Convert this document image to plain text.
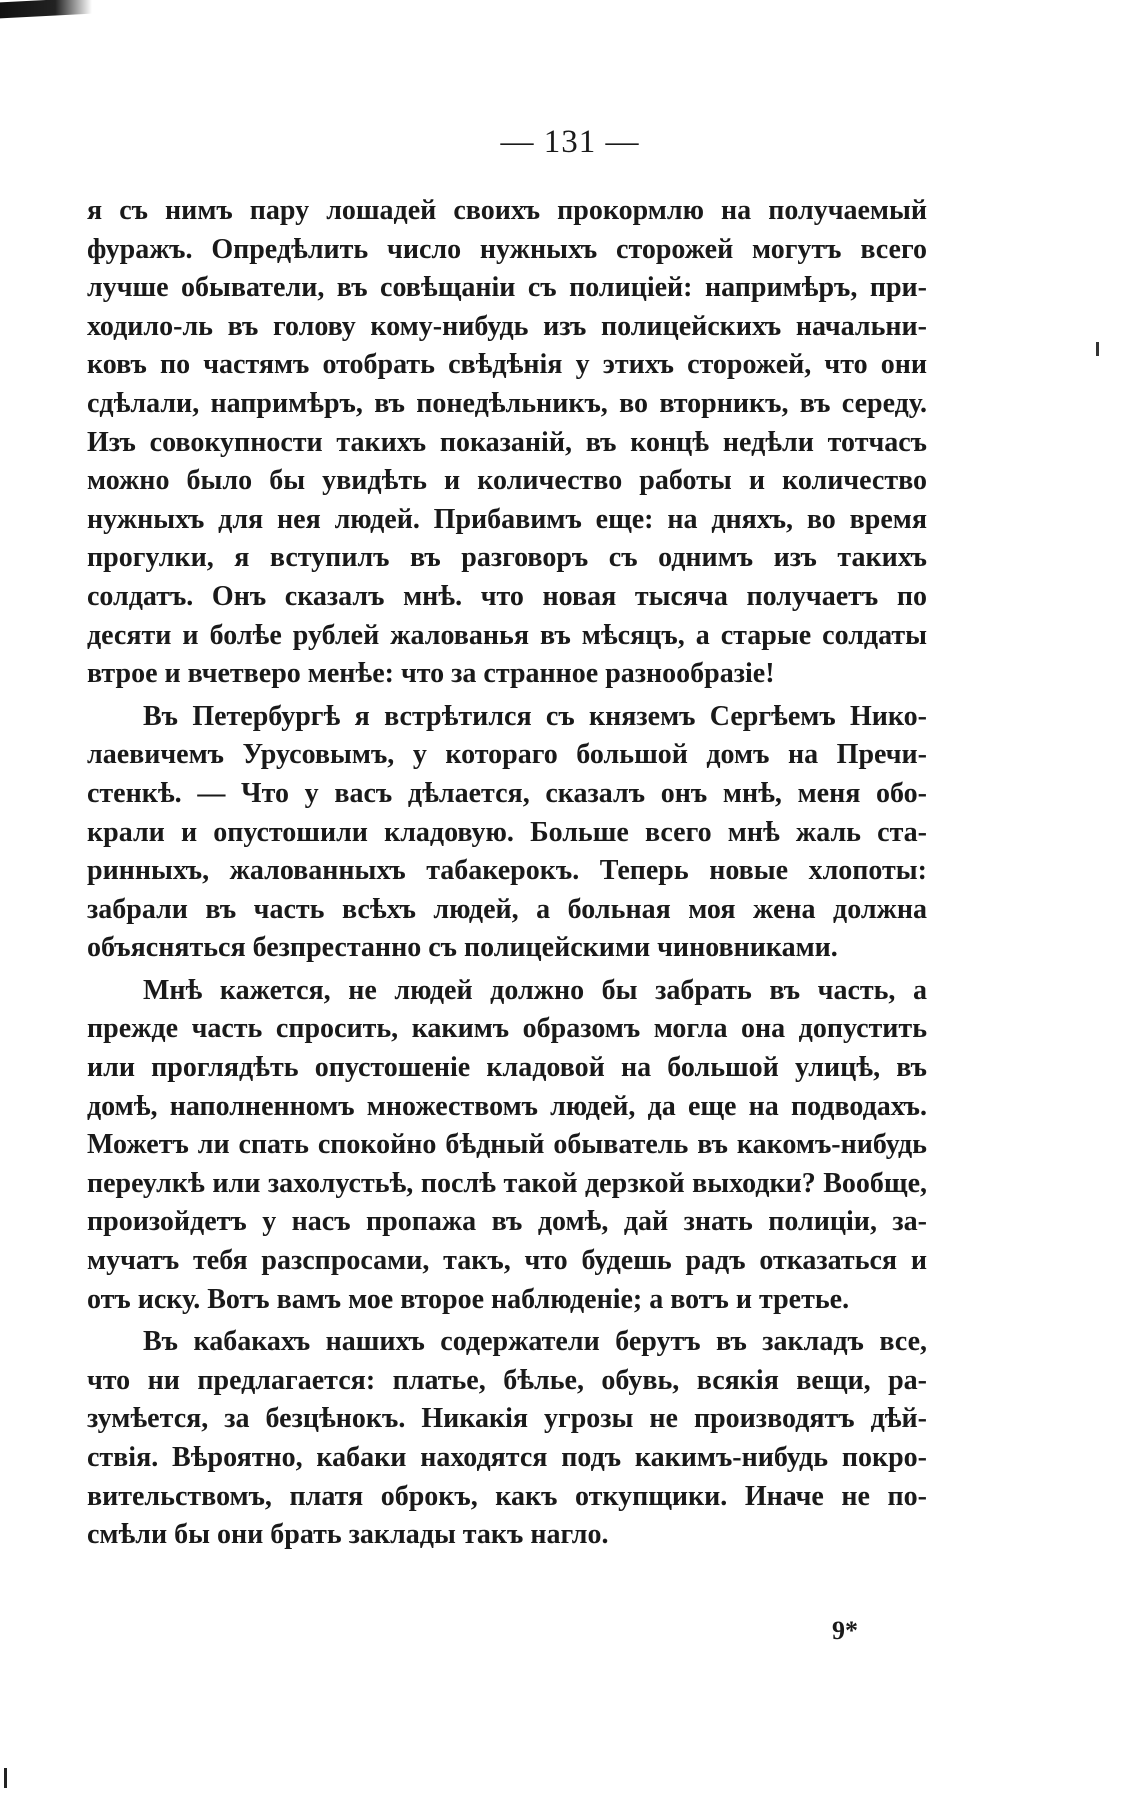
— 131 —
я съ нимъ пару лошадей своихъ прокормлю на получаемый
фуражъ. Опредѣлить число нужныхъ сторожей могутъ всего
лучше обыватели, въ совѣщаніи съ полиціей: напримѣръ, при-
ходило-ль въ голову кому-нибудь изъ полицейскихъ начальни-
ковъ по частямъ отобрать свѣдѣнія у этихъ сторожей, что они
сдѣлали, напримѣръ, въ понедѣльникъ, во вторникъ, въ середу.
Изъ совокупности такихъ показаній, въ концѣ недѣли тотчасъ
можно было бы увидѣть и количество работы и количество
нужныхъ для нея людей. Прибавимъ еще: на дняхъ, во время
прогулки, я вступилъ въ разговоръ съ однимъ изъ такихъ
солдатъ. Онъ сказалъ мнѣ. что новая тысяча получаетъ по
десяти и болѣе рублей жалованья въ мѣсяцъ, а старые солдаты
втрое и вчетверо менѣе: что за странное разнообразіе!
Въ Петербургѣ я встрѣтился съ княземъ Сергѣемъ Нико-
лаевичемъ Урусовымъ, у котораго большой домъ на Пречи-
стенкѣ. — Что у васъ дѣлается, сказалъ онъ мнѣ, меня обо-
крали и опустошили кладовую. Больше всего мнѣ жаль ста-
ринныхъ, жалованныхъ табакерокъ. Теперь новые хлопоты:
забрали въ часть всѣхъ людей, а больная моя жена должна
объясняться безпрестанно съ полицейскими чиновниками.
Мнѣ кажется, не людей должно бы забрать въ часть, а
прежде часть спросить, какимъ образомъ могла она допустить
или проглядѣть опустошеніе кладовой на большой улицѣ, въ
домѣ, наполненномъ множествомъ людей, да еще на подводахъ.
Можетъ ли спать спокойно бѣдный обыватель въ какомъ-нибудь
переулкѣ или захолустьѣ, послѣ такой дерзкой выходки? Вообще,
произойдетъ у насъ пропажа въ домѣ, дай знать полиціи, за-
мучатъ тебя разспросами, такъ, что будешь радъ отказаться и
отъ иску. Вотъ вамъ мое второе наблюденіе; а вотъ и третье.
Въ кабакахъ нашихъ содержатели берутъ въ закладъ все,
что ни предлагается: платье, бѣлье, обувь, всякія вещи, ра-
зумѣется, за безцѣнокъ. Никакія угрозы не производятъ дѣй-
ствія. Вѣроятно, кабаки находятся подъ какимъ-нибудь покро-
вительствомъ, платя оброкъ, какъ откупщики. Иначе не по-
смѣли бы они брать заклады такъ нагло.
9*
